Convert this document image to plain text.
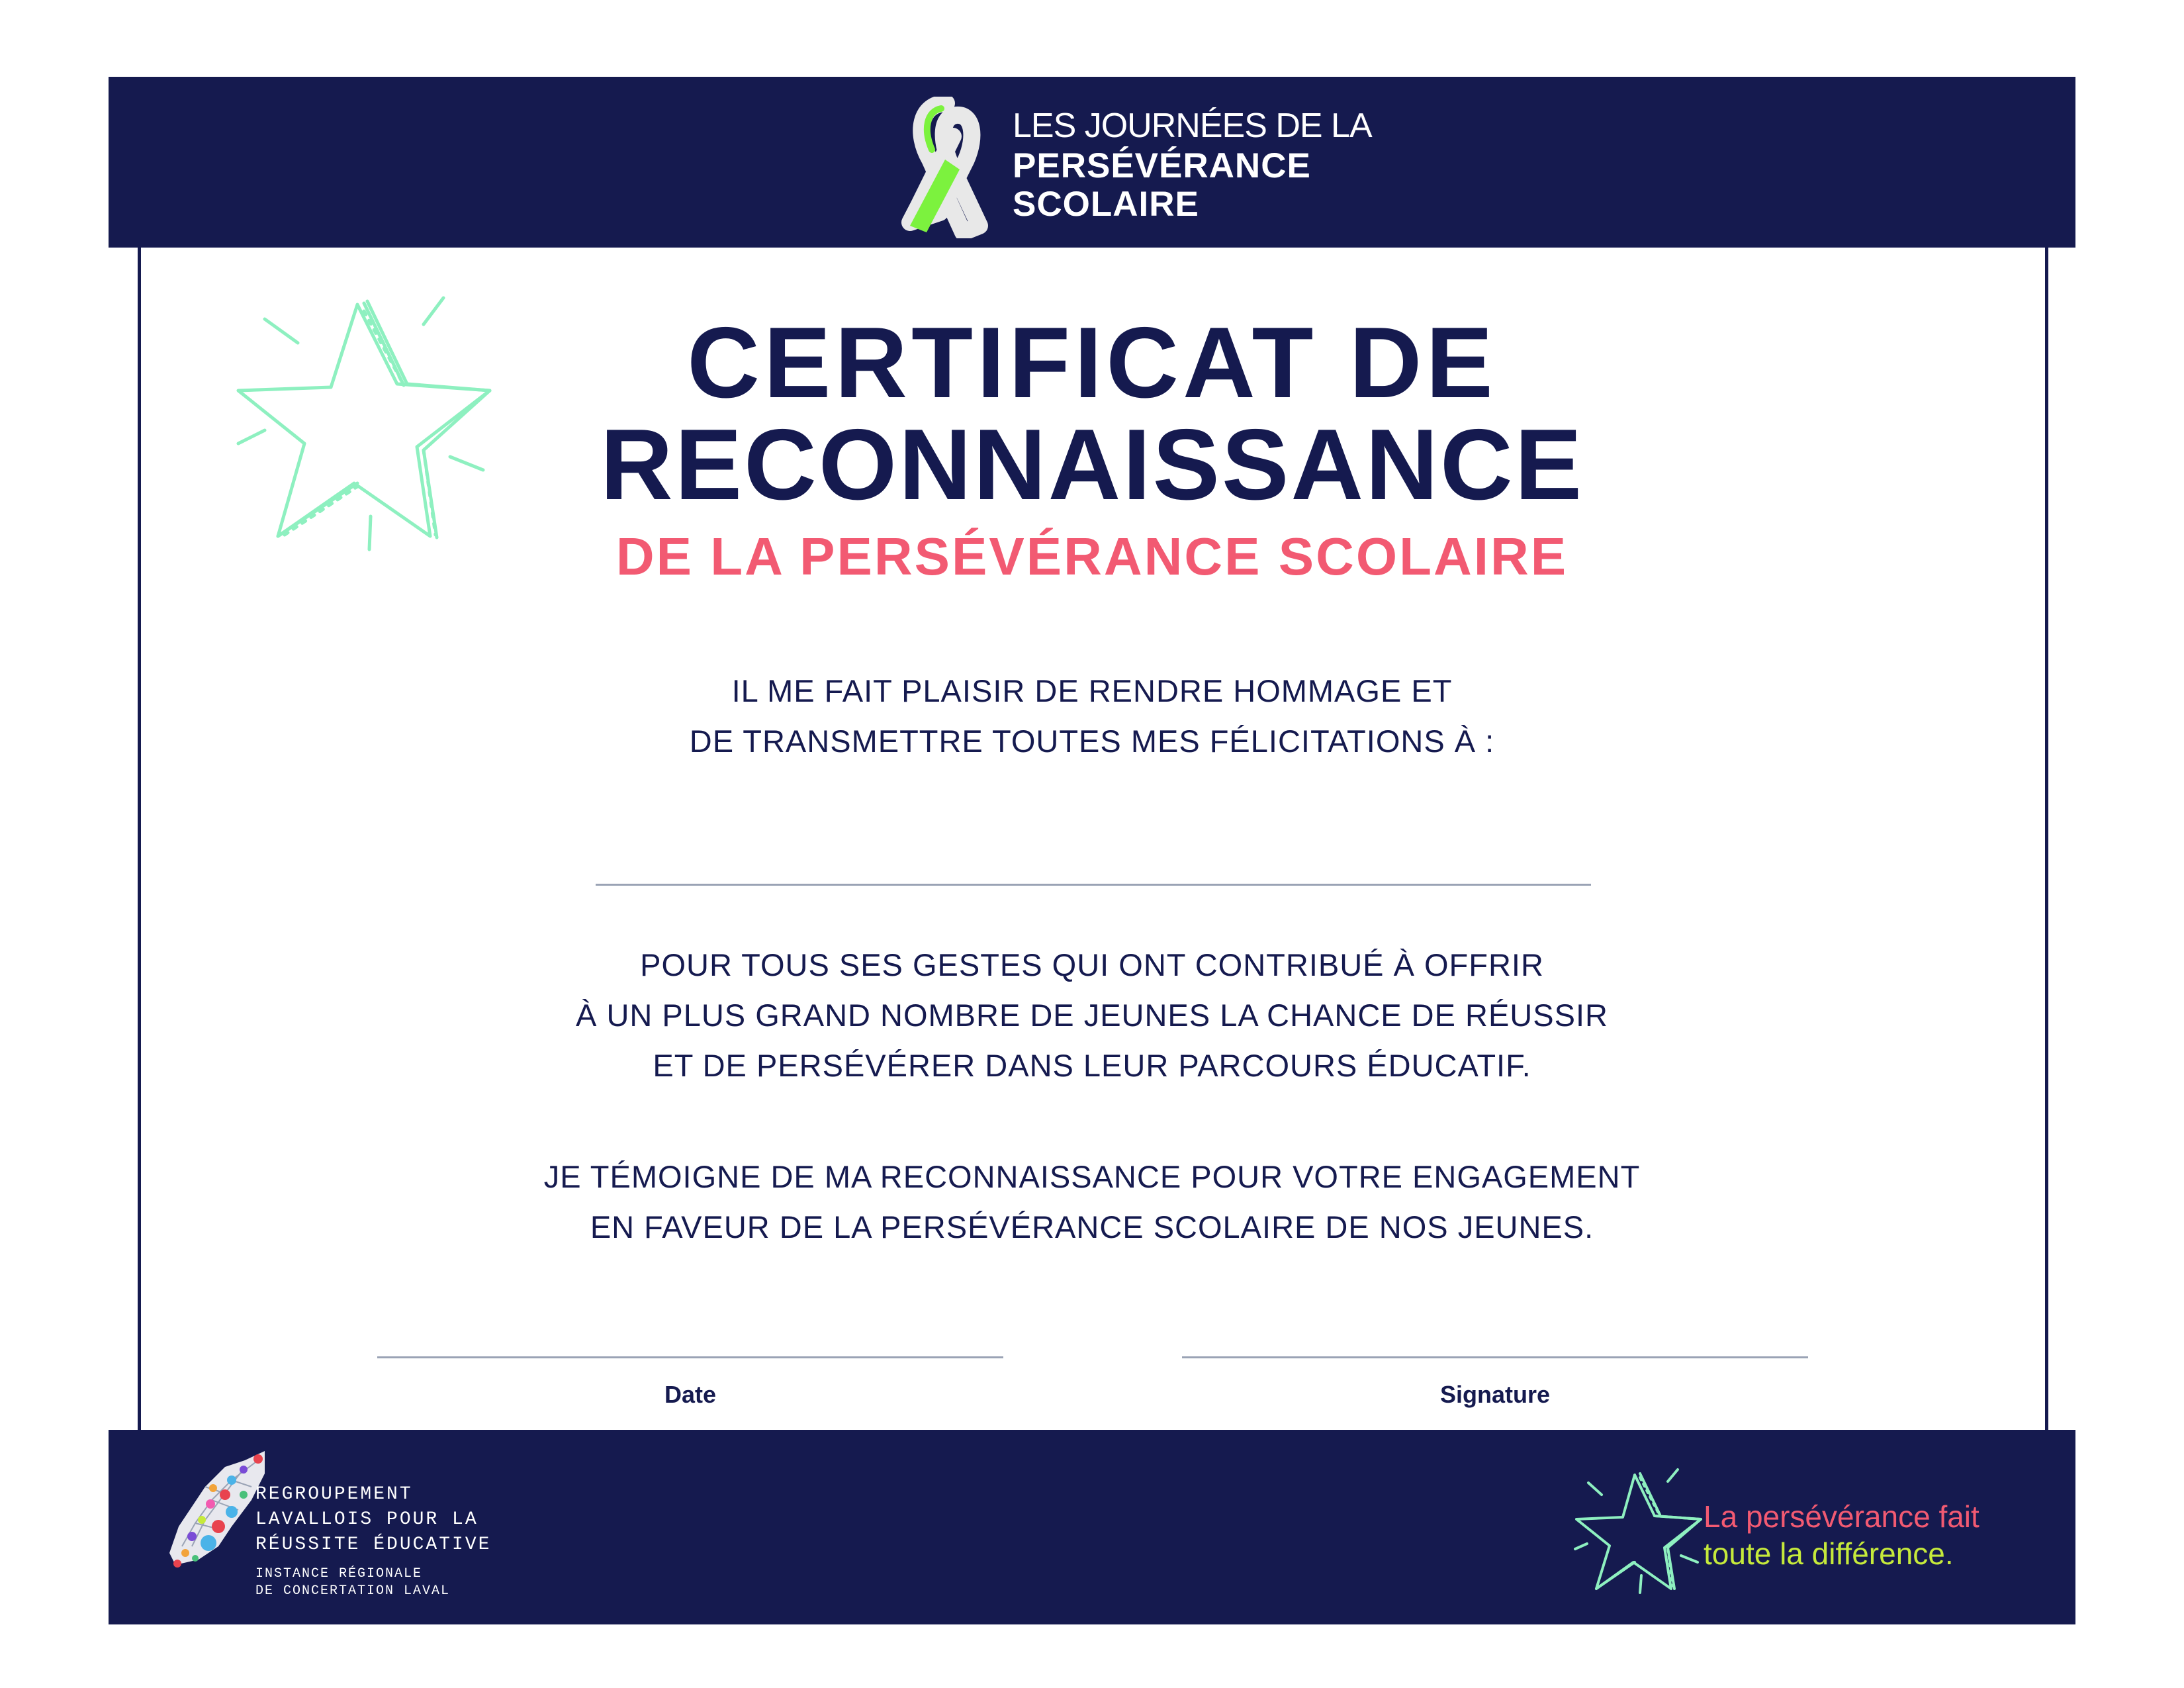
LES JOURNÉES DE LA
PERSÉVÉRANCE
SCOLAIRE
CERTIFICAT DE
RECONNAISSANCE
DE LA PERSÉVÉRANCE SCOLAIRE
IL ME FAIT PLAISIR DE RENDRE HOMMAGE ET
DE TRANSMETTRE TOUTES MES FÉLICITATIONS À :
POUR TOUS SES GESTES QUI ONT CONTRIBUÉ À OFFRIR
À UN PLUS GRAND NOMBRE DE JEUNES LA CHANCE DE RÉUSSIR
ET DE PERSÉVÉRER DANS LEUR PARCOURS ÉDUCATIF.
JE TÉMOIGNE DE MA RECONNAISSANCE POUR VOTRE ENGAGEMENT
EN FAVEUR DE LA PERSÉVÉRANCE SCOLAIRE DE NOS JEUNES.
Date	Signature
REGROUPEMENT
LAVALLOIS POUR LA
RÉUSSITE ÉDUCATIVE
INSTANCE RÉGIONALE
DE CONCERTATION LAVAL
La persévérance fait
toute la différence.
